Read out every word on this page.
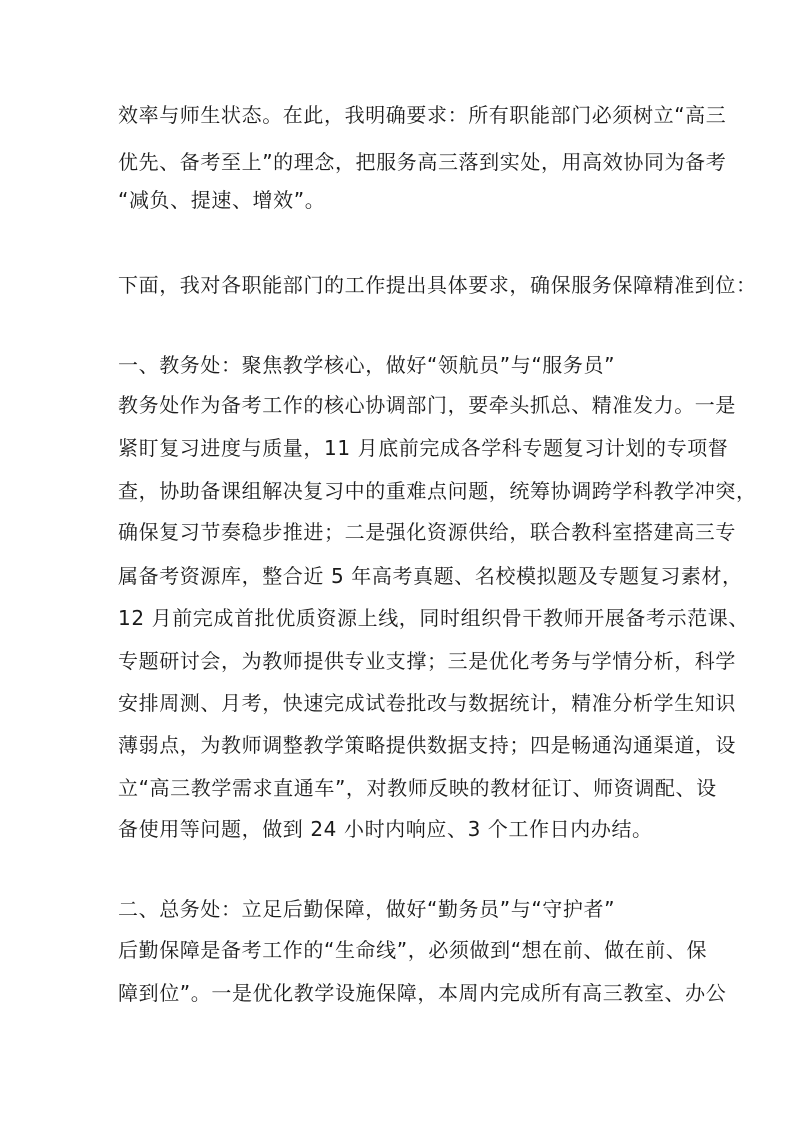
效率与师生状态。在此，我明确要求：所有职能部门必须树立“高三
优先、备考至上”的理念，把服务高三落到实处，用高效协同为备考
“减负、提速、增效”。
下面，我对各职能部门的工作提出具体要求，确保服务保障精准到位：
一、教务处：聚焦教学核心，做好“领航员”与“服务员”
教务处作为备考工作的核心协调部门，要牵头抓总、精准发力。一是
紧盯复习进度与质量，11 月底前完成各学科专题复习计划的专项督
查，协助备课组解决复习中的重难点问题，统筹协调跨学科教学冲突，
确保复习节奏稳步推进；二是强化资源供给，联合教科室搭建高三专
属备考资源库，整合近 5 年高考真题、名校模拟题及专题复习素材，
12 月前完成首批优质资源上线，同时组织骨干教师开展备考示范课、
专题研讨会，为教师提供专业支撑；三是优化考务与学情分析，科学
安排周测、月考，快速完成试卷批改与数据统计，精准分析学生知识
薄弱点，为教师调整教学策略提供数据支持；四是畅通沟通渠道，设
立“高三教学需求直通车”，对教师反映的教材征订、师资调配、设
备使用等问题，做到 24 小时内响应、3 个工作日内办结。
二、总务处：立足后勤保障，做好“勤务员”与“守护者”
后勤保障是备考工作的“生命线”，必须做到“想在前、做在前、保
障到位”。一是优化教学设施保障，本周内完成所有高三教室、办公
